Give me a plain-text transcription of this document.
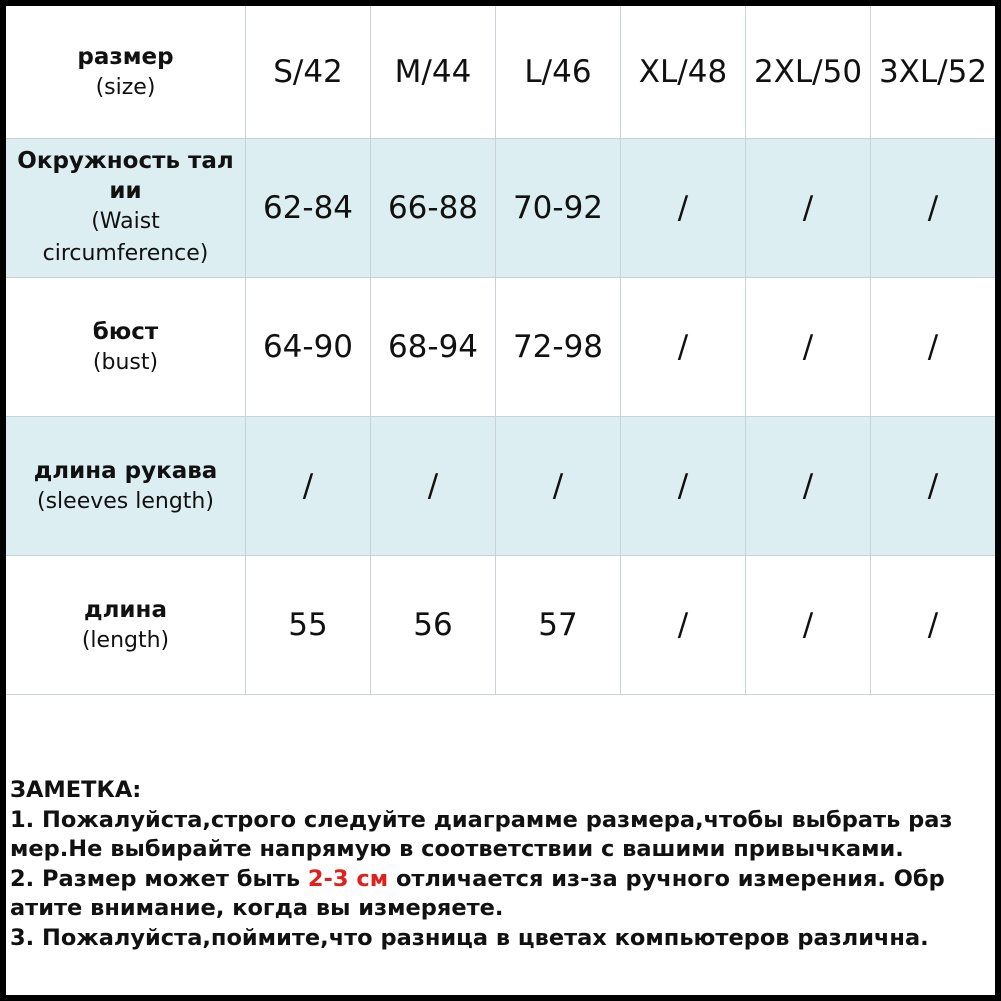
размер
(size)	S/42	M/44	L/46	XL/48 2XL/50 3XL/52
Окружность тал
ии
(Waist
circumference)
62-84	66-88	70-92	/	/	/
бюст
(bust)	64-90	68-94	72-98	/	/	/
длина рукава
(sleeves length)	/	/	/	/	/	/
длина
(length)	55	56	57	/	/	/
ЗАМЕТКА:
1. Пожалуйста,строго следуйте диаграмме размера,чтобы выбрать раз
мер.Не выбирайте напрямую в соответствии с вашими привычками.
2. Размер может быть 2-3 см отличается из-за ручного измерения. Обр
атите внимание, когда вы измеряете.
3. Пожалуйста,поймите,что разница в цветах компьютеров различна.
